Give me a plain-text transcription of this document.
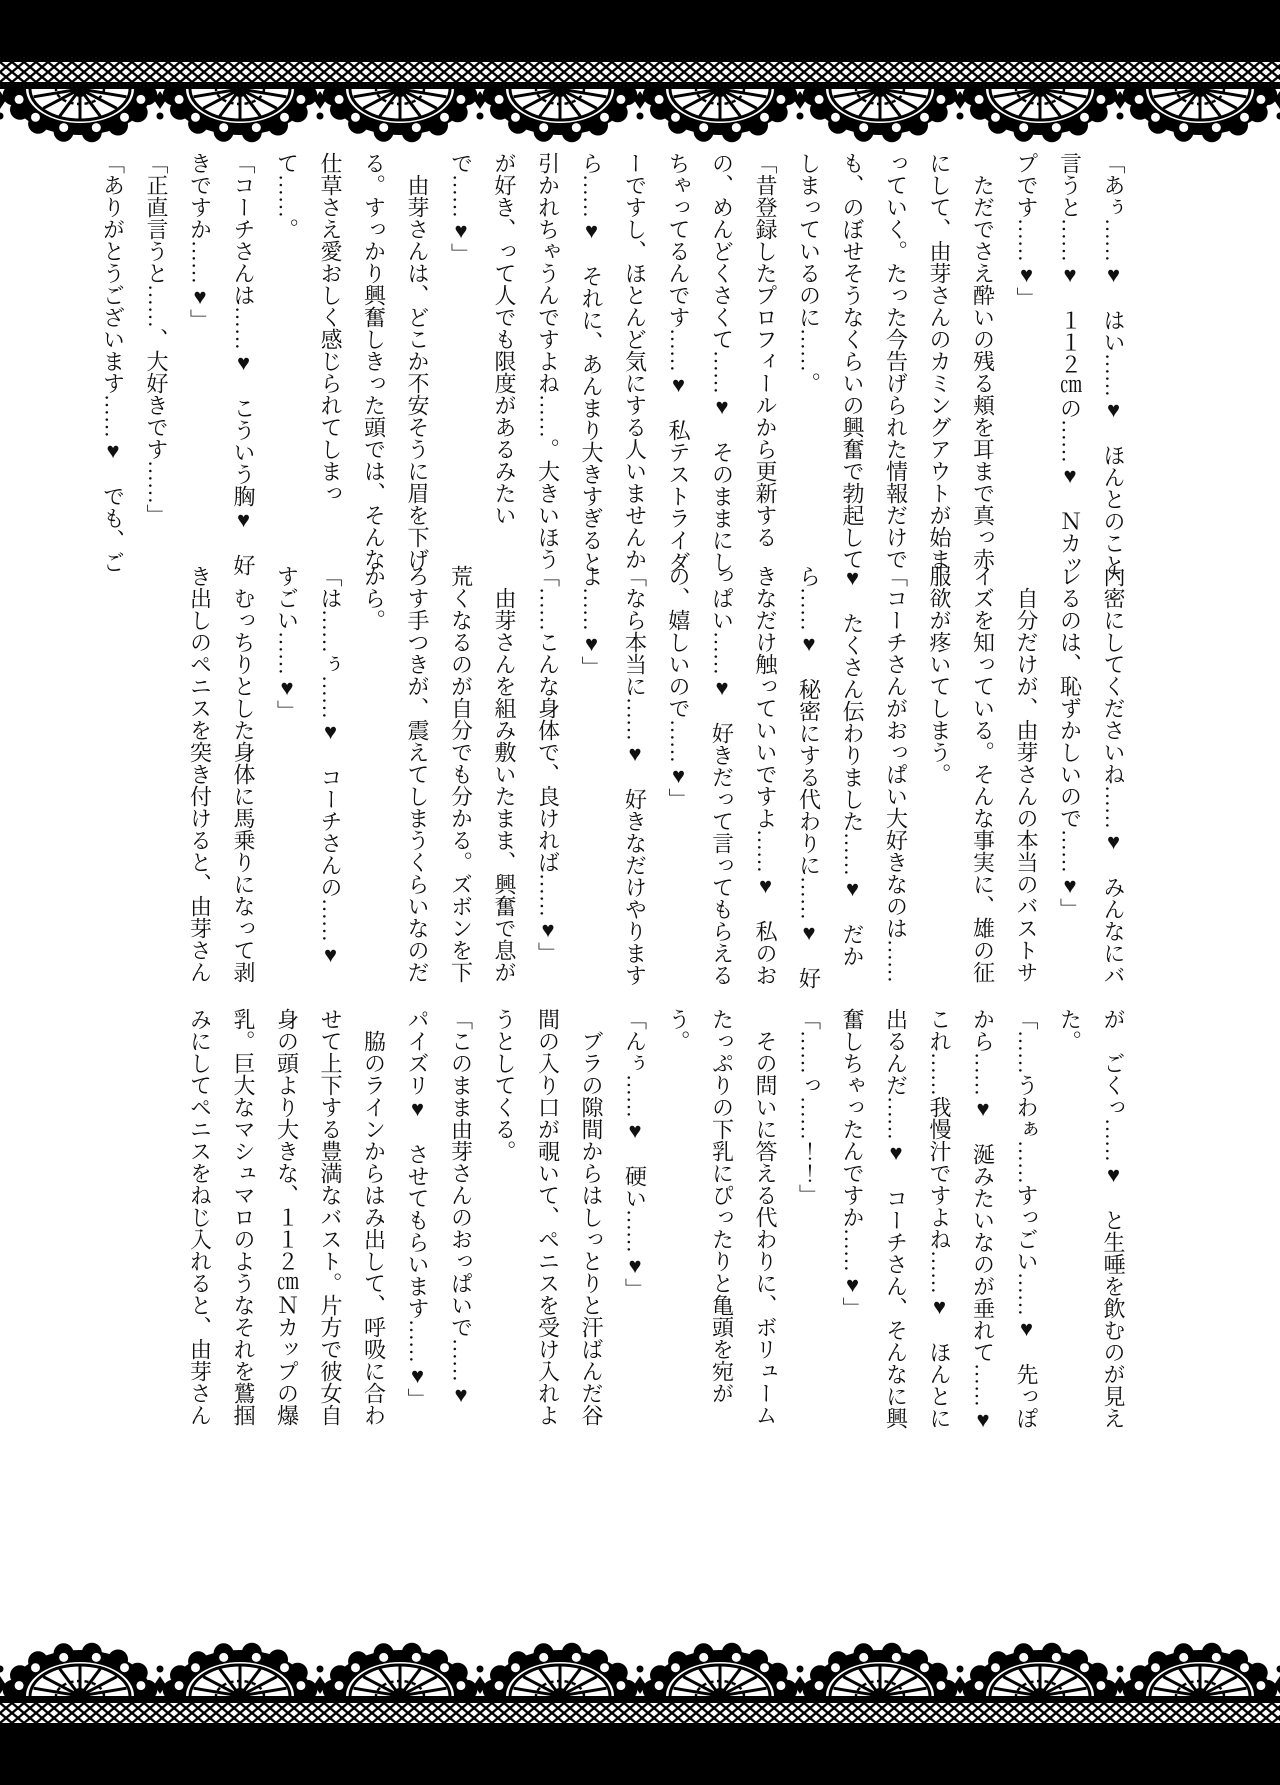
「あぅ……♥　はい……♥　ほんとのこと言うと……♥　１１２㎝の……♥　Ｎカップです……♥」

　ただでさえ酔いの残る頬を耳まで真っ赤にして、由芽さんのカミングアウトが始まっていく。たった今告げられた情報だけでも、のぼせそうなくらいの興奮で勃起してしまっているのに……。

「昔登録したプロフィールから更新するの、めんどくさくて……♥　そのままにしちゃってるんです……♥　私テストライダーですし、ほとんど気にする人いませんから……♥　それに、あんまり大きすぎると引かれちゃうんですよね……。大きいほうが好き、って人でも限度があるみたいで……♥」

　由芽さんは、どこか不安そうに眉を下げる。すっかり興奮しきった頭では、そんな仕草さえ愛おしく感じられてしまって……。

「コーチさんは……♥　こういう胸♥　好きですか……♥」

「正直言うと……、大好きです……」

「ありがとうございます……♥　でも、ご

内密にしてくださいね……♥　みんなにバレるのは、恥ずかしいので……♥」

　自分だけが、由芽さんの本当のバストサイズを知っている。そんな事実に、雄の征服欲が疼いてしまう。

「コーチさんがおっぱい大好きなのは……♥　たくさん伝わりました……♥　だから……♥　秘密にする代わりに……♥　好きなだけ触っていいですよ……♥　私のおっぱい……♥　好きだって言ってもらえるの、嬉しいので……♥」

「なら本当に……♥　好きなだけやりますよ……♥」

「……こんな身体で、良ければ……♥」

　由芽さんを組み敷いたまま、興奮で息が荒くなるのが自分でも分かる。ズボンを下ろす手つきが、震えてしまうくらいなのだから。

「は……ぅ……♥　コーチさんの……♥　すごい……♥」

　むっちりとした身体に馬乗りになって剥き出しのペニスを突き付けると、由芽さん

が　ごくっ……♥　と生唾を飲むのが見えた。

「……うわぁ……すっごい……♥　先っぽから……♥　涎みたいなのが垂れて……♥　これ……我慢汁ですよね……♥　ほんとに出るんだ……♥　コーチさん、そんなに興奮しちゃったんですか……♥」

「……っ……！！」

　その問いに答える代わりに、ボリュームたっぷりの下乳にぴったりと亀頭を宛がう。

「んぅ……♥　硬い……♥」

　ブラの隙間からはしっとりと汗ばんだ谷間の入り口が覗いて、ペニスを受け入れようとしてくる。

「このまま由芽さんのおっぱいで……♥　パイズリ♥　させてもらいます……♥」

　脇のラインからはみ出して、呼吸に合わせて上下する豊満なバスト。片方で彼女自身の頭より大きな、１１２㎝Ｎカップの爆乳。巨大なマシュマロのようなそれを鷲掴みにしてペニスをねじ入れると、由芽さん
